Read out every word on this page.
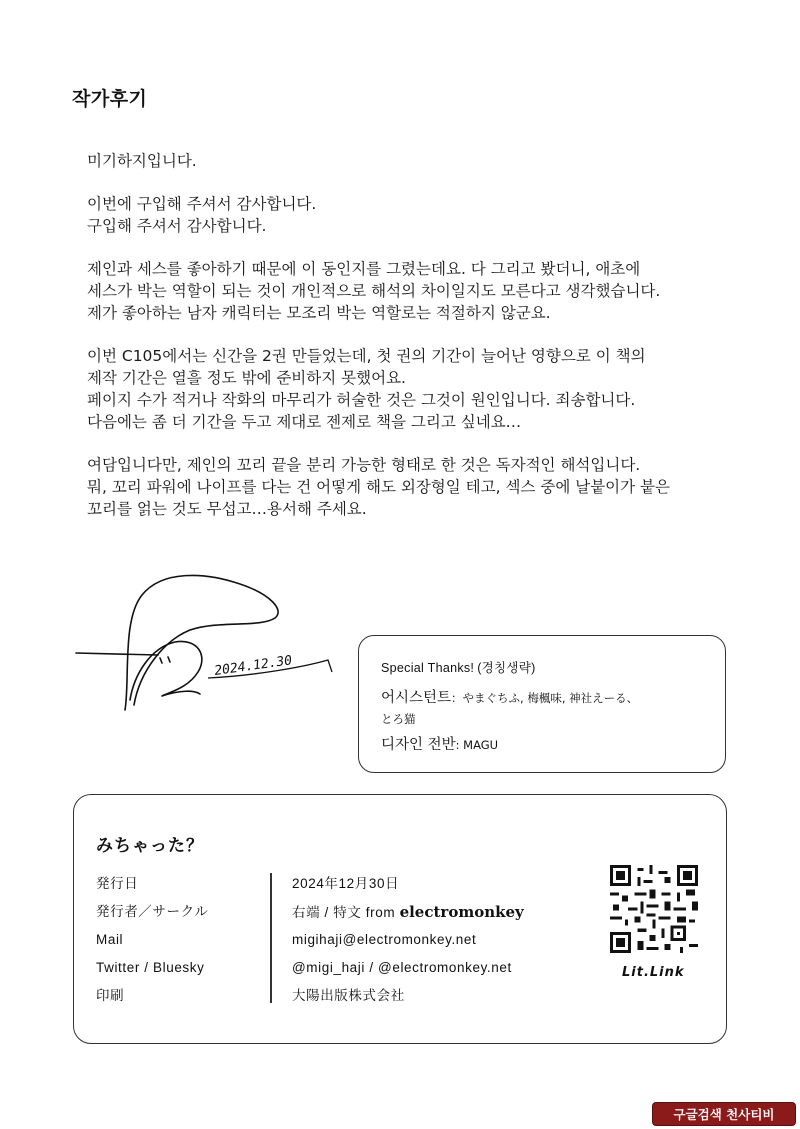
작가후기

미기하지입니다.

이번에 구입해 주셔서 감사합니다.
구입해 주셔서 감사합니다.

제인과 세스를 좋아하기 때문에 이 동인지를 그렸는데요. 다 그리고 봤더니, 애초에
세스가 박는 역할이 되는 것이 개인적으로 해석의 차이일지도 모른다고 생각했습니다.
제가 좋아하는 남자 캐릭터는 모조리 박는 역할로는 적절하지 않군요.

이번 C105에서는 신간을 2권 만들었는데, 첫 권의 기간이 늘어난 영향으로 이 책의
제작 기간은 열흘 정도 밖에 준비하지 못했어요.
페이지 수가 적거나 작화의 마무리가 허술한 것은 그것이 원인입니다. 죄송합니다.
다음에는 좀 더 기간을 두고 제대로 젠제로 책을 그리고 싶네요…

여담입니다만, 제인의 꼬리 끝을 분리 가능한 형태로 한 것은 독자적인 해석입니다.
뭐, 꼬리 파워에 나이프를 다는 건 어떻게 해도 외장형일 테고, 섹스 중에 날붙이가 붙은
꼬리를 얽는 것도 무섭고…용서해 주세요.

2024.12.30	Special Thanks! (경칭생략)
어시스턴트：やまぐちふ, 梅楓味, 神社えーる、
とろ猫
디자인 전반: MAGU
みちゃった？
発行日
発行者／サークル
Mail
Twitter / Bluesky
印刷
2024年12月30日
右端 / 特文 from electromonkey
migihaji@electromonkey.net
@migi_haji / @electromonkey.net
大陽出版株式会社
Lit.Link
구글검색 천사티비
